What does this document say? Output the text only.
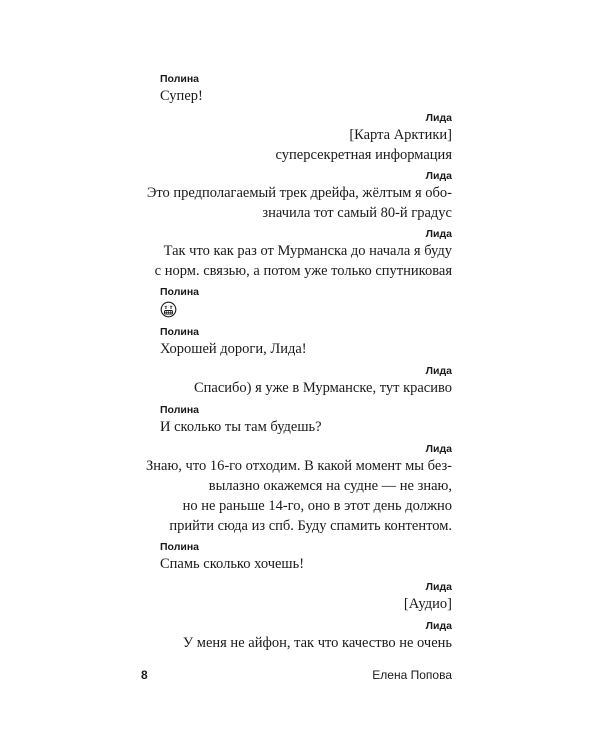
Полина
Супер!
Лида
[Карта Арктики]
суперсекретная информация
Лида
Это предполагаемый трек дрейфа, жёлтым я обо-
значила тот самый 80-й градус
Лида
Так что как раз от Мурманска до начала я буду
с норм. связью, а потом уже только спутниковая
Полина
Полина
Хорошей дороги, Лида!
Лида
Спасибо) я уже в Мурманске, тут красиво
Полина
И сколько ты там будешь?
Лида
Знаю, что 16-го отходим. В какой момент мы без-
вылазно окажемся на судне — не знаю,
но не раньше 14-го, оно в этот день должно
прийти сюда из спб. Буду спамить контентом.
Полина
Спамь сколько хочешь!
Лида
[Аудио]
Лида
У меня не айфон, так что качество не очень
8	Елена Попова
